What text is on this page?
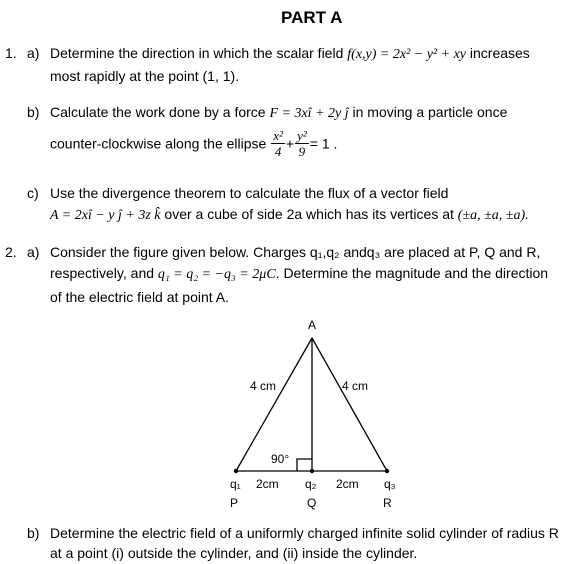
PART A
1. a) Determine the direction in which the scalar field f(x,y) = 2x² − y² + xy increases
most rapidly at the point (1, 1).
b) Calculate the work done by a force F = 3xî + 2y ĵ in moving a particle once
counter-clockwise along the ellipse $\frac{\text{x²}}{4} + \frac{\text{y²}}{9} = 1$ .
c) Use the divergence theorem to calculate the flux of a vector field
A = 2xî − y ĵ + 3z k̂ over a cube of side 2a which has its vertices at (±a, ±a, ±a).
2. a) Consider the figure given below. Charges q₁,q₂ andq₃ are placed at P, Q and R,
respectively, and q₁ = q₂ = −q₃ = 2μC. Determine the magnitude and the direction
of the electric field at point A.
A
4 cm	4 cm
90°
q₁ 2cm q₂ 2cm q₃
P	Q	R
b) Determine the electric field of a uniformly charged infinite solid cylinder of radius R
at a point (i) outside the cylinder, and (ii) inside the cylinder.
